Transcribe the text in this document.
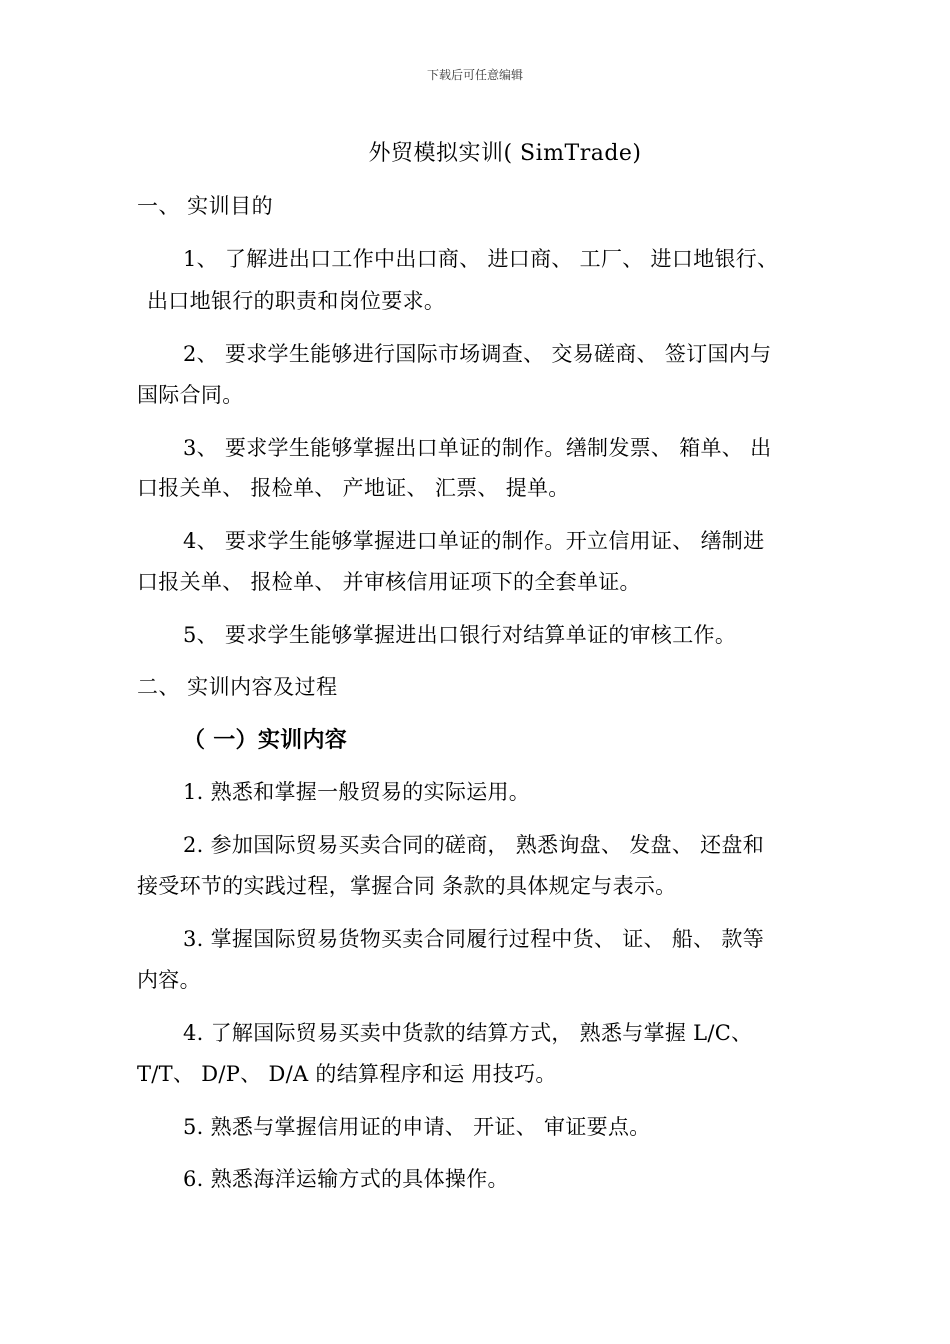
下载后可任意编辑
外贸模拟实训( SimTrade)
一、 实训目的
1、 了解进出口工作中出口商、 进口商、 工厂、 进口地银行、
出口地银行的职责和岗位要求。
2、 要求学生能够进行国际市场调查、 交易磋商、 签订国内与
国际合同。
3、 要求学生能够掌握出口单证的制作。缮制发票、 箱单、 出
口报关单、 报检单、 产地证、 汇票、 提单。
4、 要求学生能够掌握进口单证的制作。开立信用证、 缮制进
口报关单、 报检单、 并审核信用证项下的全套单证。
5、 要求学生能够掌握进出口银行对结算单证的审核工作。
二、 实训内容及过程
（ 一）实训内容
1. 熟悉和掌握一般贸易的实际运用。
2. 参加国际贸易买卖合同的磋商， 熟悉询盘、 发盘、 还盘和
接受环节的实践过程，掌握合同 条款的具体规定与表示。
3. 掌握国际贸易货物买卖合同履行过程中货、 证、 船、 款等
内容。
4. 了解国际贸易买卖中货款的结算方式， 熟悉与掌握 L/C、
T/T、 D/P、 D/A 的结算程序和运 用技巧。
5. 熟悉与掌握信用证的申请、 开证、 审证要点。
6. 熟悉海洋运输方式的具体操作。
